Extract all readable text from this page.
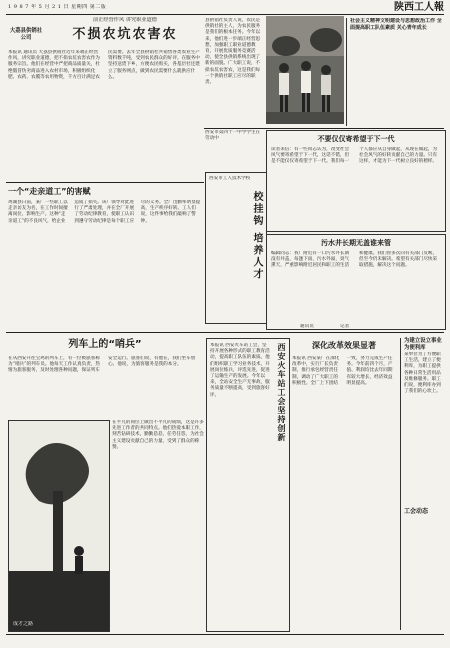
1 9 8 7 年 5 月 2 1 日 星期四 第二版	陕西工人報
前正经营作风 讲究职业道德
大荔县供销社公司	不损农坑农害农
本报讯 通讯员 大荔县供销社近年来端正经营作风，讲究职业道德，把不损农坑农害农作为服务宗旨。他们在经营中严把商品质量关，杜绝假冒伪劣商品进入农村市场，积极组织化肥、农药、农膜等农用物资，千方百计满足农民需要。去年全县供销社共销售各类农业生产资料数千吨，受到农民群众的好评。在服务中坚持送货下乡，方便农民购买，各基层社还建立了服务网点，做到农民需要什么就供应什么。
县供销社负责人说，农民是供销社的主人，为农民服务是我们的根本任务。今年以来，他们进一步端正经营思想，加强职工职业道德教育，开展优质服务竞赛活动，使全县供销系统出现了新的面貌。广大职工说，不损农坑农害农，这是我们每一个供销社职工应尽的职责。
社会主义精神文明建设与思想政治工作 全面提高职工队伍素质 关心青年成长
西安市第四十一中学学生在劳动中	不要仅仅寄希望于下一代
读者来信：有一些同志认为，改变社会风气要寄希望于下一代，这话不错，但是不能仅仅寄希望于下一代。我们每一个人都应从自身做起，从现在做起，为社会风气的好转贡献自己的力量。只有这样，才能为下一代树立良好的榜样。
一个“走亲道工”的害赋
鸡湖县日前，某厂一些职工以走亲访友为名，在工作时间擅离岗位，影响生产。这种“走亲道工”的不良风气，给企业造成了损失。该厂领导对此进行了严肃处理，并在全厂开展了劳动纪律教育，使职工认识到遵守劳动纪律是每个职工应尽的义务。全厂出勤率明显提高，生产秩序好转。工人们说，这件事给我们敲响了警钟。
西安市工人技术学校
校挂钩 培养人才	污水井长期无盖谁来管
编辑同志：我厂附近有一口污水井长期没有井盖，每逢下雨，污水外溢，臭气熏天，严重影响附近居民和职工的生活和健康。我们曾多次向有关部门反映，但至今仍未解决。希望有关部门尽快采取措施，解决这个问题。
列车上的“哨兵”
在从西安开往宝鸡的列车上，有一位被旅客称为“哨兵”的列车员。他每天工作认真负责，热情为旅客服务，及时处理各种问题，保证列车安全运行。旅客们说，有他在，我们坐车放心。他说，为旅客服务是我的本分。
成才之路
在平凡的岗位上做出不平凡的成绩，这是许多先进工作者的共同特点。他们热爱本职工作，刻苦钻研技术，勤勤恳恳，任劳任怨，为社会主义建设贡献自己的力量，受到了群众的称赞。
西安火车站工会坚持创新
本报讯 西安火车站工会，坚持开展各种形式的职工教育活动，提高职工队伍的素质。他们组织职工学习业务技术，开展岗位练兵，评选先进，促进了运输生产的发展。今年以来，全站安全生产无事故，服务质量不断提高，受到旅客好评。
深化改革效果显著
本报讯 西安某厂在深化改革中，实行厂长负责制，推行承包经营责任制，调动了广大职工的积极性。全厂上下团结一致，努力完成生产任务。今年前四个月，产值、利润均比去年同期有较大增长，经济效益明显提高。
为建立设立事业为便利库
某单位为了方便职工生活，建立了便利库，为职工提供各种日常生活用品及维修服务。职工们说，便利库办到了我们的心坎上。
工会动态
通讯员	记者
